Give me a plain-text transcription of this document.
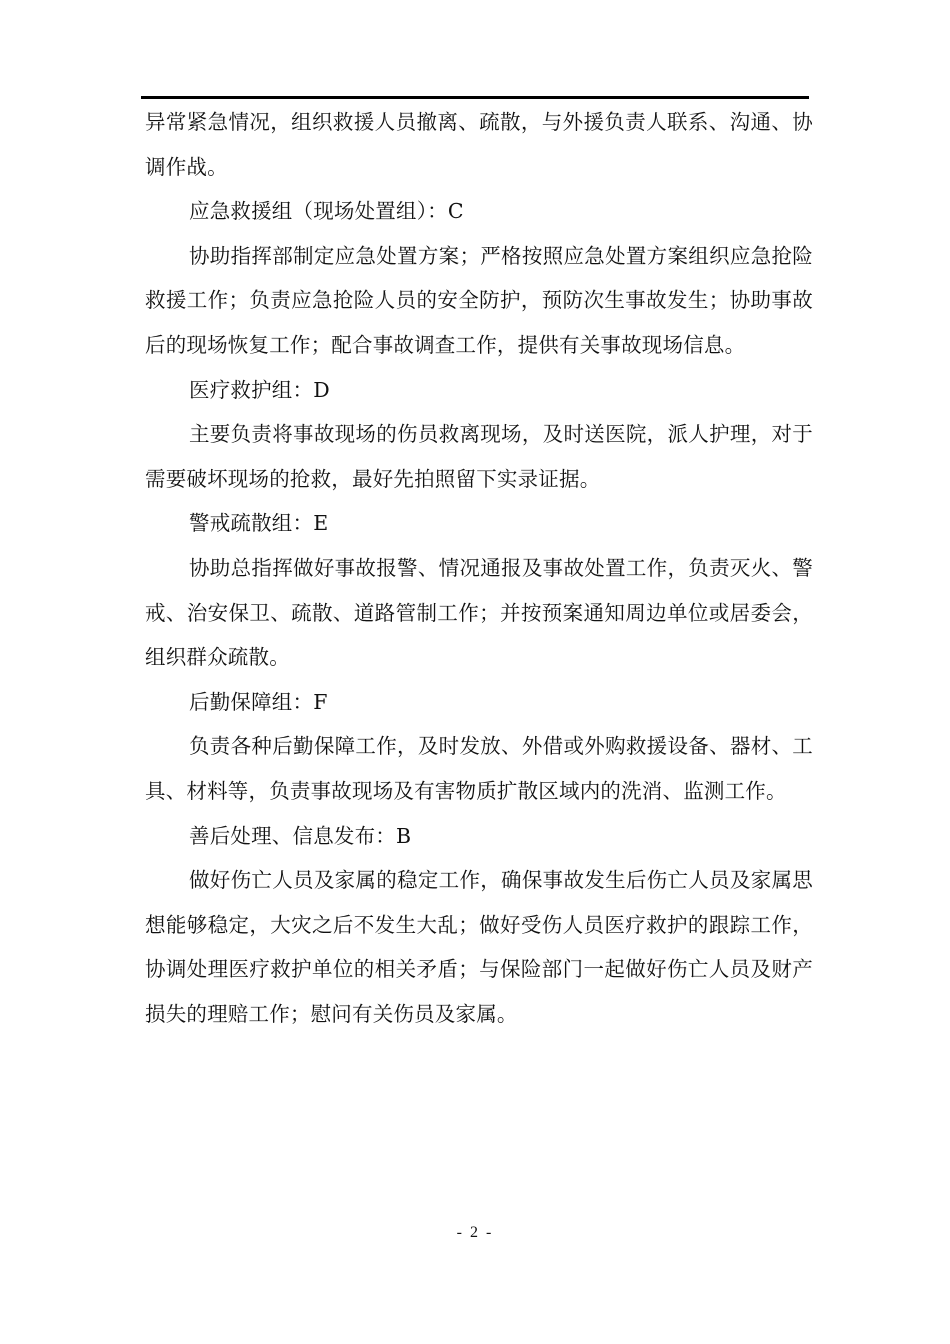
异常紧急情况，组织救援人员撤离、疏散，与外援负责人联系、沟通、协调作战。

应急救援组（现场处置组）：C

协助指挥部制定应急处置方案；严格按照应急处置方案组织应急抢险救援工作；负责应急抢险人员的安全防护，预防次生事故发生；协助事故后的现场恢复工作；配合事故调查工作，提供有关事故现场信息。

医疗救护组：D

主要负责将事故现场的伤员救离现场，及时送医院，派人护理，对于需要破坏现场的抢救，最好先拍照留下实录证据。

警戒疏散组：E

协助总指挥做好事故报警、情况通报及事故处置工作，负责灭火、警戒、治安保卫、疏散、道路管制工作；并按预案通知周边单位或居委会，组织群众疏散。

后勤保障组：F

负责各种后勤保障工作，及时发放、外借或外购救援设备、器材、工具、材料等，负责事故现场及有害物质扩散区域内的洗消、监测工作。

善后处理、信息发布：B

做好伤亡人员及家属的稳定工作，确保事故发生后伤亡人员及家属思想能够稳定，大灾之后不发生大乱；做好受伤人员医疗救护的跟踪工作，协调处理医疗救护单位的相关矛盾；与保险部门一起做好伤亡人员及财产损失的理赔工作；慰问有关伤员及家属。

- 2 -
